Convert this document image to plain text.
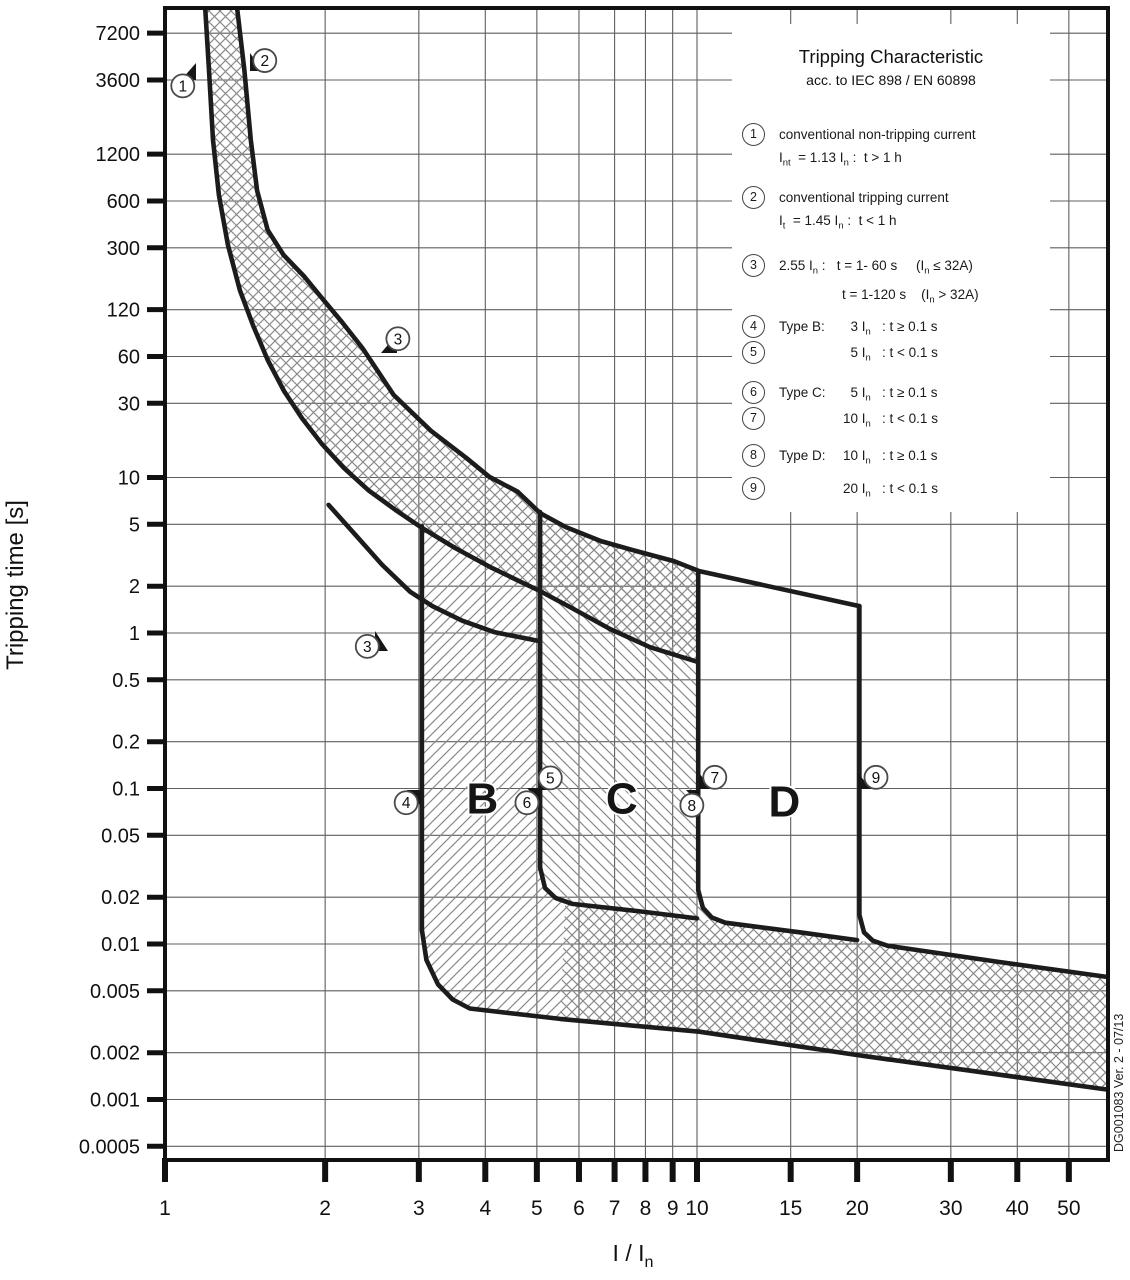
7200
3600
1200
600
300
120
60
30
10
5
2
1
0.5
0.2
0.1
0.05
0.02
0.01
0.005
0.002
0.001
0.0005
1	2	3	4 5 6 7 8 9 10	15 20	30 40 50
B C	D
1
2
3
3
4
5
6
7
8
9
Tripping time [s]
I / $I_n$
DG001083 Ver. 2 - 07/13
Tripping Characteristic
acc. to IEC 898 / EN 60898
1	conventional non-tripping current
$I_{nt} = 1.13$ $I_n$ :  t > 1 h
2	conventional tripping current
$I_t = 1.45$ $I_n$ :  t < 1 h
3	2.55 $I_n$ :   t = 1- 60 s     $(I_n \le 32A)$
t = 1-120 s    $(I_n > 32A)$
4	Type B:  3 $I_n$   : t ≥ 0.1 s
5	5 $I_n$   : t < 0.1 s
6	Type C:  5 $I_n$   : t ≥ 0.1 s
7	10 $I_n$   : t < 0.1 s
8	Type D: 10 $I_n$   : t ≥ 0.1 s
9	20 $I_n$   : t < 0.1 s
